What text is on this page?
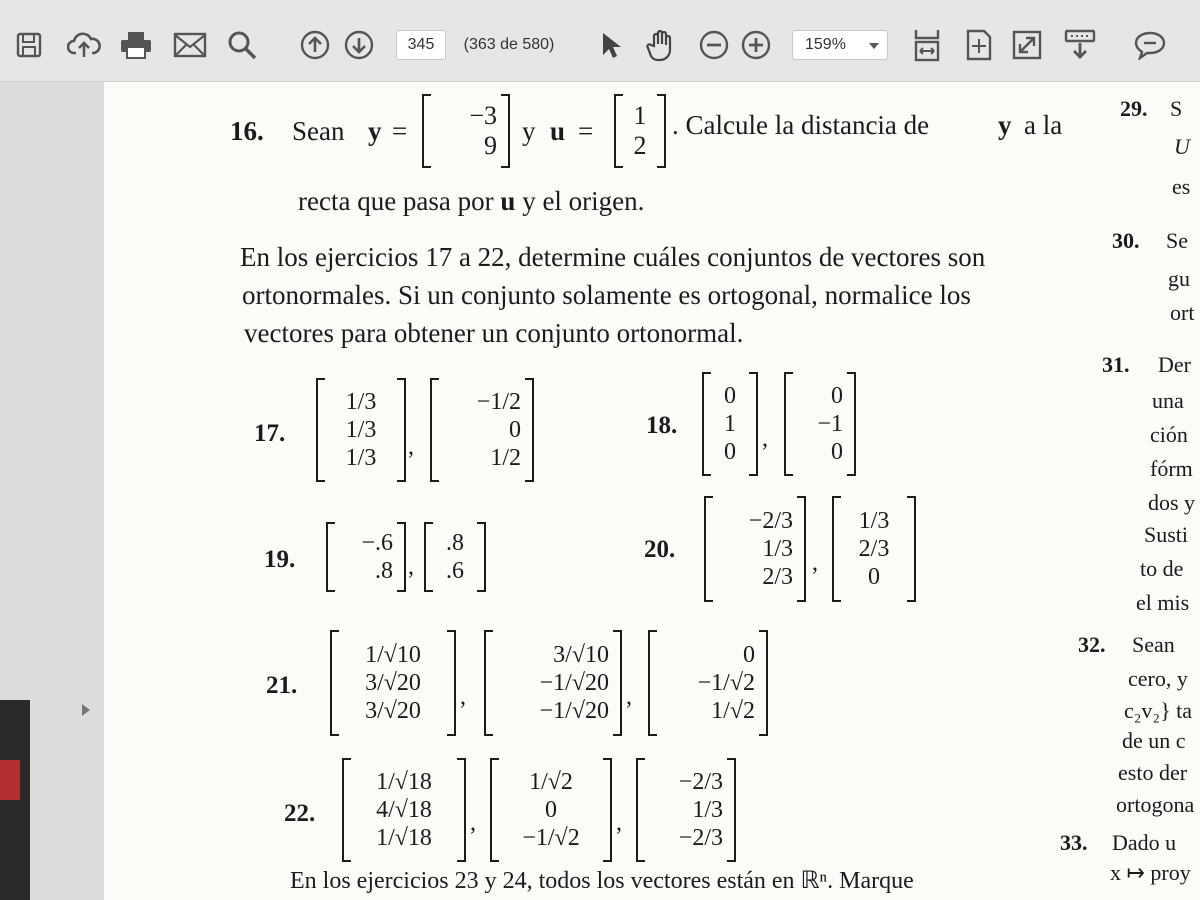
345 (363 de 580)	159%
16. Sean y =
−3
9 y u =
1
2
. Calcule la distancia de	y a la
recta que pasa por u y el origen.
En los ejercicios 17 a 22, determine cuáles conjuntos de vectores son
ortonormales. Si un conjunto solamente es ortogonal, normalice los
vectores para obtener un conjunto ortonormal.
17.
1/3
1/3
1/3	,
−1/2
0
1/2
18.
0
1
0
,
0
−1
0
19.
−.6
.8 ,
.8
.6
20.
−2/3
1/3
2/3
,
1/3
2/3
0
21.
1/√10
3/√20
3/√20
,
3/√10
−1/√20
−1/√20
,
0
−1/√2
1/√2
22.
1/√18
4/√18
1/√18
,
1/√2
0
−1/√2
,
−2/3
1/3
−2/3
En los ejercicios 23 y 24, todos los vectores están en ℝⁿ. Marque
29. S
U
es
30. Se
gu
ort
31. Der
una
ción
fórm
dos y
Susti
to de
el mis
32. Sean
cero, y
c₂v₂} ta
de un c
esto der
ortogona
33. Dado u
x ↦ proy
